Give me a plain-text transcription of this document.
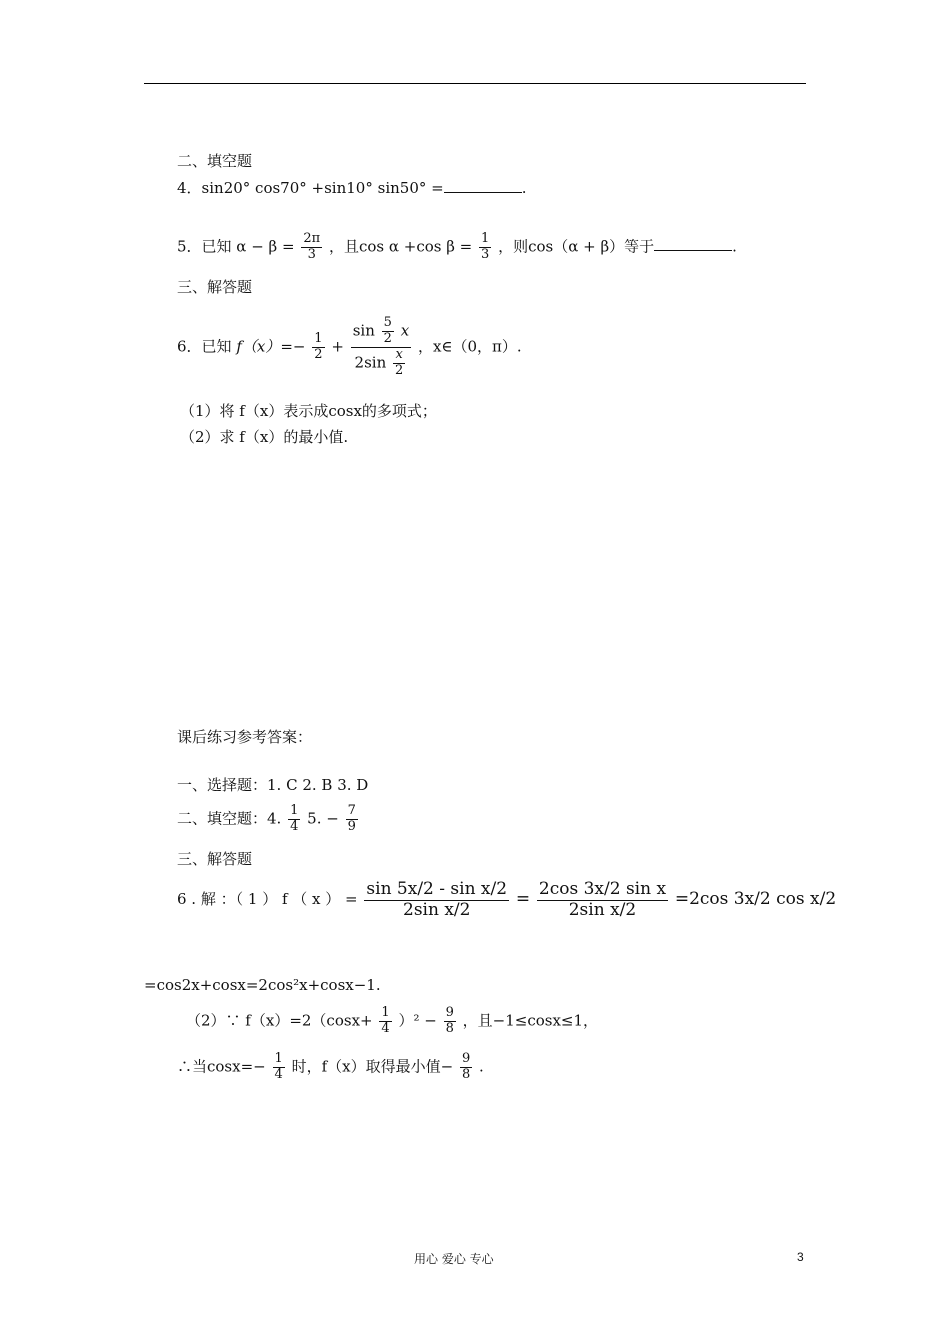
二、填空题
4．sin20° cos70° +sin10° sin50° =	.
5．已知 $\alpha - \beta = \frac{2\pi}{3}$ ，且cos α +cos $\beta = \frac{1}{3}$ ，则cos（α + β）等于	.
三、解答题
6．已知 $f(x)=- \frac{1}{2} + \frac{\sin \frac{5}{2} x}{2\sin \frac{x}{2}}$ ，x∈（0，π）.
（1）将 f（x）表示成cosx的多项式；
（2）求 f（x）的最小值.
课后练习参考答案：
一、选择题：1. C 2. B 3. D
二、填空题：4. $\frac{1}{4} 5$. − $\frac{7}{9}$
三、解答题
6 . 解 ：（ 1 ） f （ x ） = $\frac{\text{sin 5x/2 - sin x/2}}{\text{2sin x/2}} = \frac{\text{2cos 3x/2 sin x}}{\text{2sin x/2}} =2\cos$ 3x/2 cos x/2
=cos2x+cosx=2cos²x+cosx−1.
（2）∵ $f(x)=2(\cos x+ \frac{1}{4} )^2 - \frac{9}{8}$ ，且−1≤cosx≤1，
∴当$\cos x=- \frac{1}{4}$ 时，f（x）取得最小值− $\frac{9}{8}$ .
用心 爱心 专心	3
